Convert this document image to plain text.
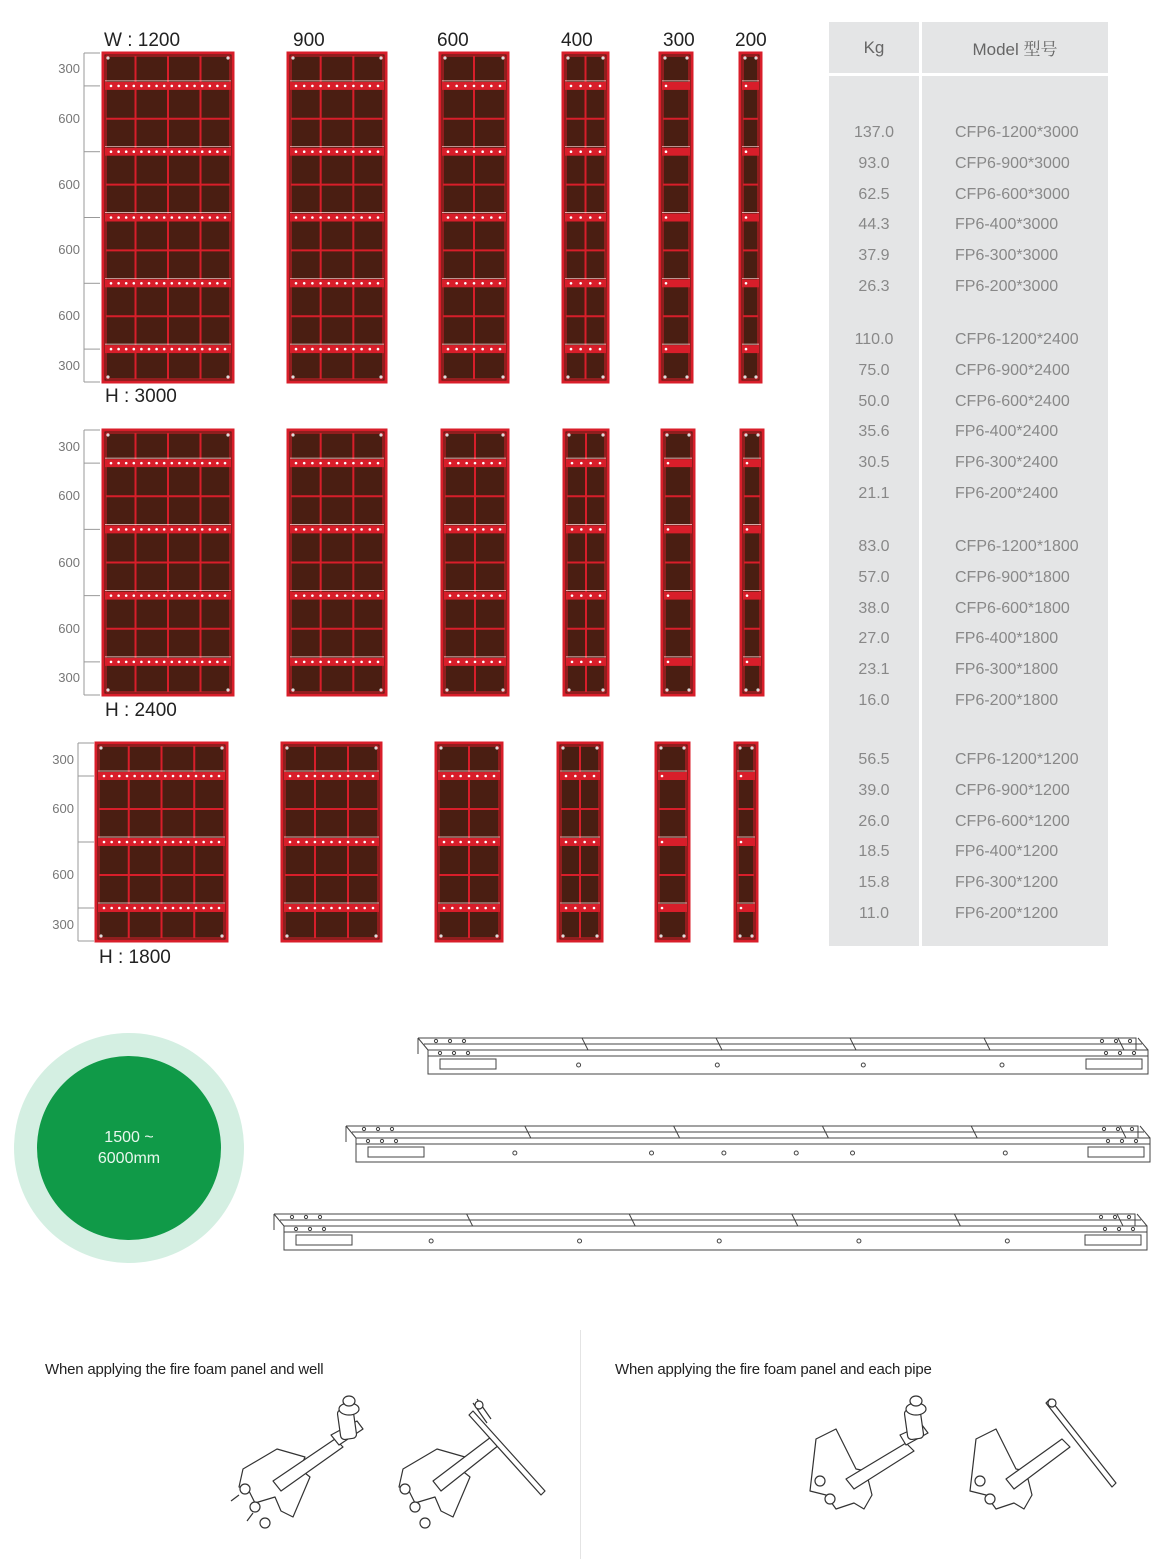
W : 1200	900	600	400	300 200
300
600
600
600
600
300
H : 3000
300
600
600
600
300
H : 2400
300
600
600
300
H : 1800
Kg	Model 型号
137.0	CFP6-1200*3000
93.0	CFP6-900*3000
62.5	CFP6-600*3000
44.3	FP6-400*3000
37.9	FP6-300*3000
26.3	FP6-200*3000
110.0	CFP6-1200*2400
75.0	CFP6-900*2400
50.0	CFP6-600*2400
35.6	FP6-400*2400
30.5	FP6-300*2400
21.1	FP6-200*2400
83.0	CFP6-1200*1800
57.0	CFP6-900*1800
38.0	CFP6-600*1800
27.0	FP6-400*1800
23.1	FP6-300*1800
16.0	FP6-200*1800
56.5	CFP6-1200*1200
39.0	CFP6-900*1200
26.0	CFP6-600*1200
18.5	FP6-400*1200
15.8	FP6-300*1200
11.0	FP6-200*1200
1500 ~
6000mm
When applying the fire foam panel and well	When applying the fire foam panel and each pipe
